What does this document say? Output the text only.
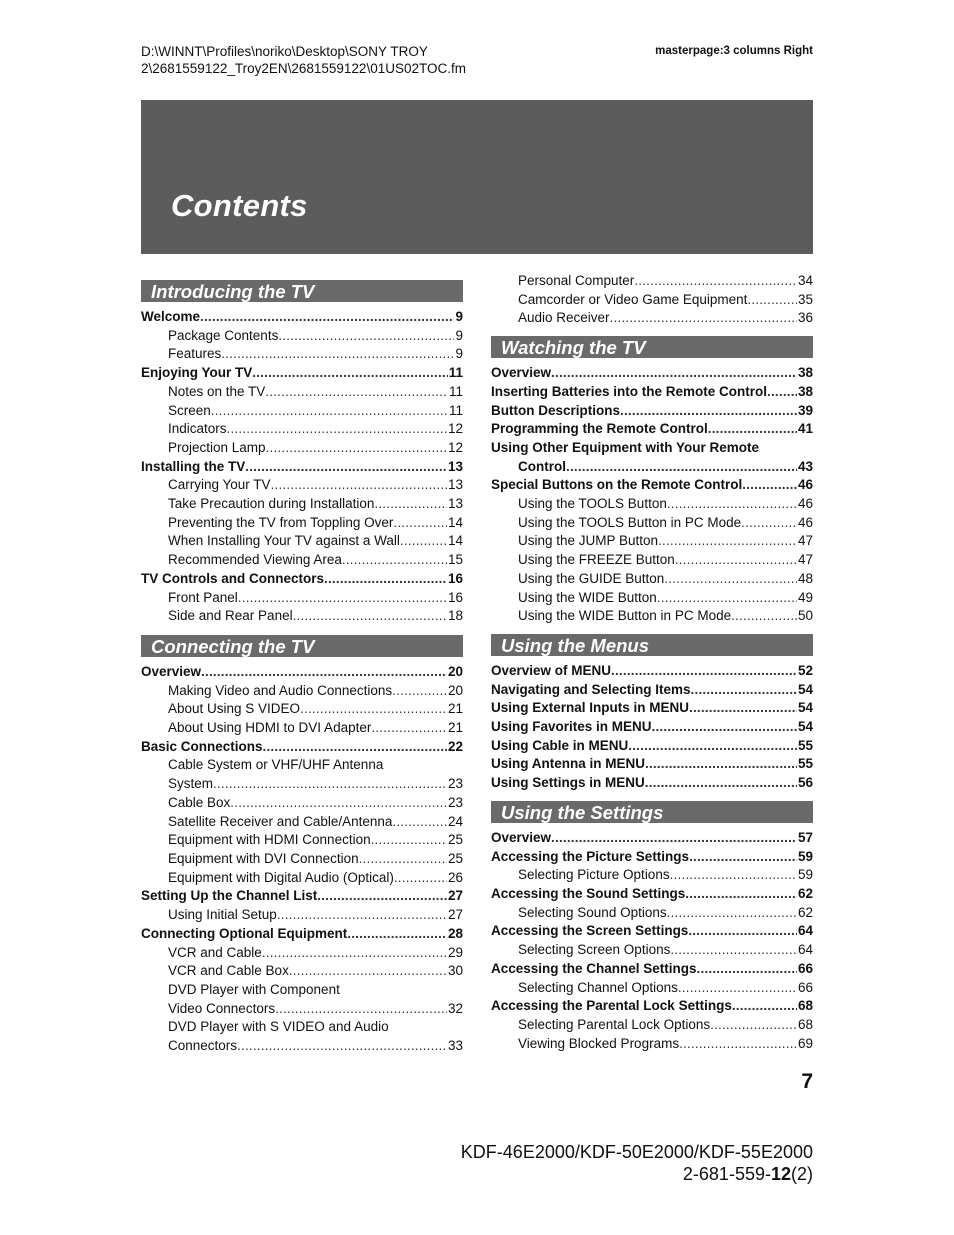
D:\WINNT\Profiles\noriko\Desktop\SONY TROY
2\2681559122_Troy2EN\2681559122\01US02TOC.fm
masterpage:3 columns Right
Contents
Introducing the TV
Welcome .....	9
Package Contents .....	9
Features .....	9
Enjoying Your TV .....	11
Notes on the TV .....	11
Screen .....	11
Indicators .....	12
Projection Lamp .....	12
Installing the TV .....	13
Carrying Your TV .....	13
Take Precaution during Installation .....	13
Preventing the TV from Toppling Over .....	14
When Installing Your TV against a Wall .....	14
Recommended Viewing Area .....	15
TV Controls and Connectors .....	16
Front Panel .....	16
Side and Rear Panel .....	18
Connecting the TV
Overview .....	20
Making Video and Audio Connections .....	20
About Using S VIDEO .....	21
About Using HDMI to DVI Adapter .....	21
Basic Connections .....	22
Cable System or VHF/UHF Antenna
System .....	23
Cable Box .....	23
Satellite Receiver and Cable/Antenna .....	24
Equipment with HDMI Connection .....	25
Equipment with DVI Connection .....	25
Equipment with Digital Audio (Optical) .....	26
Setting Up the Channel List .....	27
Using Initial Setup .....	27
Connecting Optional Equipment .....	28
VCR and Cable .....	29
VCR and Cable Box .....	30
DVD Player with Component
Video Connectors .....	32
DVD Player with S VIDEO and Audio
Connectors .....	33
Personal Computer .....	34
Camcorder or Video Game Equipment .....	35
Audio Receiver .....	36
Watching the TV
Overview .....	38
Inserting Batteries into the Remote Control ..... 38
Button Descriptions .....	39
Programming the Remote Control .....	41
Using Other Equipment with Your Remote
Control .....	43
Special Buttons on the Remote Control .....	46
Using the TOOLS Button .....	46
Using the TOOLS Button in PC Mode .....	46
Using the JUMP Button .....	47
Using the FREEZE Button .....	47
Using the GUIDE Button .....	48
Using the WIDE Button .....	49
Using the WIDE Button in PC Mode .....	50
Using the Menus
Overview of MENU .....	52
Navigating and Selecting Items .....	54
Using External Inputs in MENU .....	54
Using Favorites in MENU .....	54
Using Cable in MENU .....	55
Using Antenna in MENU .....	55
Using Settings in MENU .....	56
Using the Settings
Overview .....	57
Accessing the Picture Settings .....	59
Selecting Picture Options .....	59
Accessing the Sound Settings .....	62
Selecting Sound Options .....	62
Accessing the Screen Settings .....	64
Selecting Screen Options .....	64
Accessing the Channel Settings .....	66
Selecting Channel Options .....	66
Accessing the Parental Lock Settings .....	68
Selecting Parental Lock Options .....	68
Viewing Blocked Programs .....	69
7
KDF-46E2000/KDF-50E2000/KDF-55E2000
2-681-559-12(2)
